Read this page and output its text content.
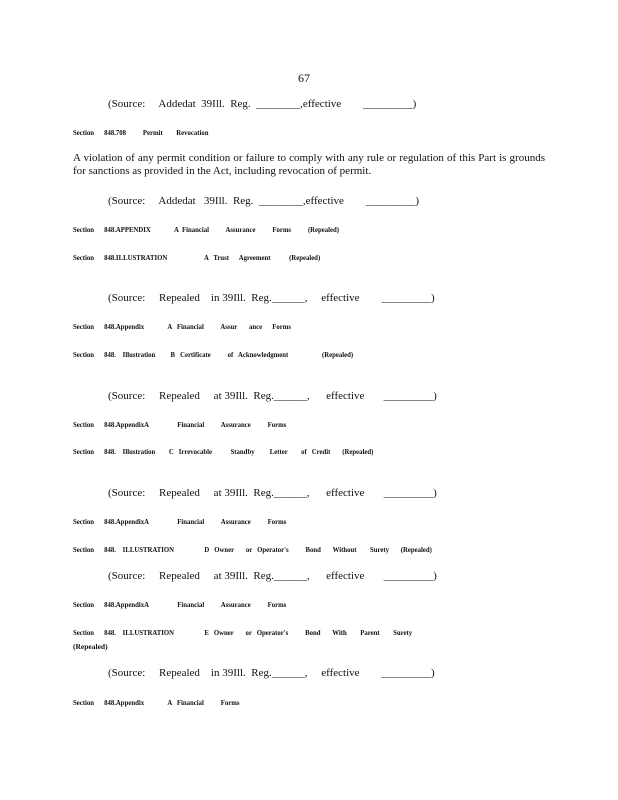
67
(Source:     Addedat  39Ill.  Reg.  ________,effective        _________)
Section      848.708          Permit        Revocation
A violation of any permit condition or failure to comply with any rule or regulation of this Part is grounds for sanctions as provided in the Act, including revocation of permit.
(Source:     Addedat   39Ill.  Reg.  ________,effective        _________)
Section      848.APPENDIX              A  Financial          Assurance          Forms          (Repealed)
Section      848.ILLUSTRATION                      A   Trust      Agreement           (Repealed)
(Source:     Repealed    in 39Ill.  Reg.______,     effective        _________)
Section      848.Appendix              A   Financial          Assur       ance      Forms
Section      848.    Illustration         B   Certificate          of   Acknowledgment                    (Repealed)
(Source:     Repealed     at 39Ill.  Reg.______,      effective       _________)
Section      848.AppendixA                 Financial          Assurance          Forms
Section      848.    Illustration        C   Irrevocable           Standby         Letter        of   Credit       (Repealed)
(Source:     Repealed     at 39Ill.  Reg.______,      effective       _________)
Section      848.AppendixA                 Financial          Assurance          Forms
Section      848.    ILLUSTRATION                  D   Owner       or   Operator's          Bond       Without        Surety       (Repealed)
(Source:     Repealed     at 39Ill.  Reg.______,      effective       _________)
Section      848.AppendixA                 Financial          Assurance          Forms
Section      848.    ILLUSTRATION                  E   Owner       or   Operator's          Bond       With        Parent        Surety
(Repealed)
(Source:     Repealed    in 39Ill.  Reg.______,     effective        _________)
Section      848.Appendix              A   Financial          Forms
